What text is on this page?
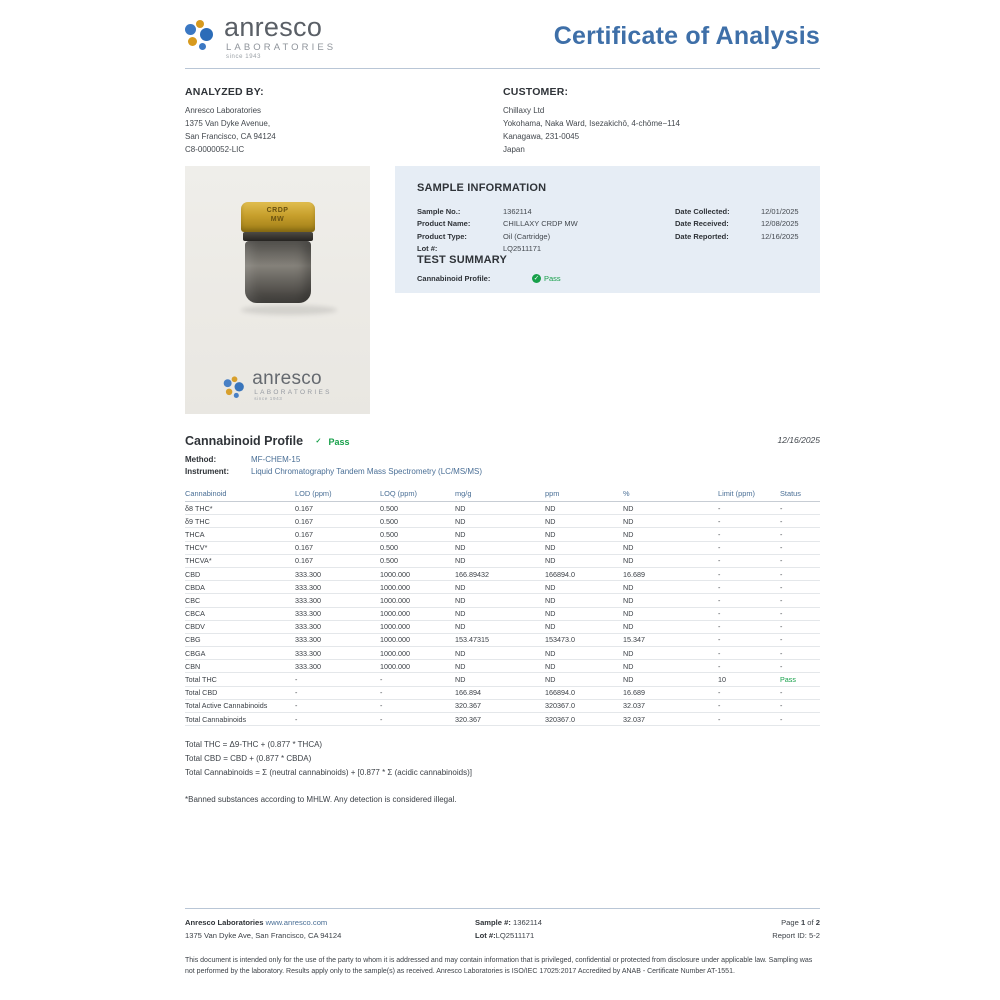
anresco
LABORATORIES
since 1943
Certificate of Analysis
ANALYZED BY:
Anresco Laboratories
1375 Van Dyke Avenue,
San Francisco, CA 94124
C8-0000052-LIC
CUSTOMER:
Chillaxy Ltd
Yokohama, Naka Ward, Isezakichō, 4-chōme−114
Kanagawa, 231-0045
Japan
CRDP
MW
anresco
LABORATORIES
since 1943
SAMPLE INFORMATION
Sample No.:	1362114
Product Name:	CHILLAXY CRDP MW
Product Type:	Oil (Cartridge)
Lot #:	LQ2511171
Date Collected:	12/01/2025
Date Received:	12/08/2025
Date Reported:	12/16/2025
TEST SUMMARY
Cannabinoid Profile:	✓ Pass
Cannabinoid Profile ✓ Pass	12/16/2025
Method:	MF-CHEM-15
Instrument:	Liquid Chromatography Tandem Mass Spectrometry (LC/MS/MS)
Cannabinoid	LOD (ppm)	LOQ (ppm)	mg/g	ppm	%	Limit (ppm)	Status
δ8 THC*	0.167	0.500	ND	ND	ND	-	-
δ9 THC	0.167	0.500	ND	ND	ND	-	-
THCA	0.167	0.500	ND	ND	ND	-	-
THCV*	0.167	0.500	ND	ND	ND	-	-
THCVA*	0.167	0.500	ND	ND	ND	-	-
CBD	333.300	1000.000	166.89432	166894.0	16.689	-	-
CBDA	333.300	1000.000	ND	ND	ND	-	-
CBC	333.300	1000.000	ND	ND	ND	-	-
CBCA	333.300	1000.000	ND	ND	ND	-	-
CBDV	333.300	1000.000	ND	ND	ND	-	-
CBG	333.300	1000.000	153.47315	153473.0	15.347	-	-
CBGA	333.300	1000.000	ND	ND	ND	-	-
CBN	333.300	1000.000	ND	ND	ND	-	-
Total THC	-	-	ND	ND	ND	10	Pass
Total CBD	-	-	166.894	166894.0	16.689	-	-
Total Active Cannabinoids	-	-	320.367	320367.0	32.037	-	-
Total Cannabinoids	-	-	320.367	320367.0	32.037	-	-
Total THC = Δ9-THC + (0.877 * THCA)
Total CBD = CBD + (0.877 * CBDA)
Total Cannabinoids = Σ (neutral cannabinoids) + [0.877 * Σ (acidic cannabinoids)]
*Banned substances according to MHLW. Any detection is considered illegal.
Anresco Laboratories www.anresco.com
1375 Van Dyke Ave, San Francisco, CA 94124
Sample #: 1362114
Lot #:LQ2511171
Page 1 of 2
Report ID: 5-2
This document is intended only for the use of the party to whom it is addressed and may contain information that is privileged, confidential or protected from disclosure under applicable law. Sampling was not performed by the laboratory. Results apply only to the sample(s) as received. Anresco Laboratories is ISO/IEC 17025:2017 Accredited by ANAB - Certificate Number AT-1551.
